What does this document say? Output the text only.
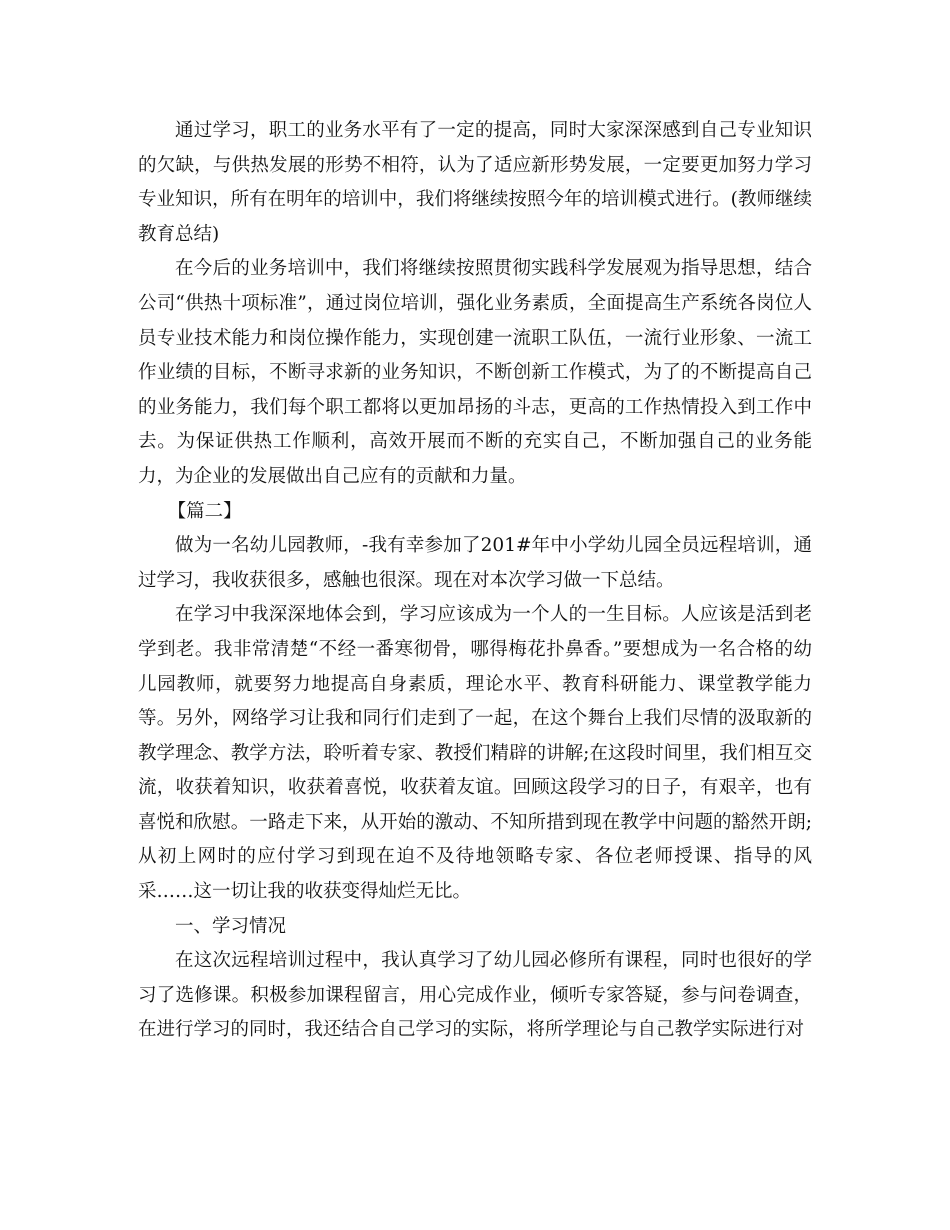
通过学习，职工的业务水平有了一定的提高，同时大家深深感到自己专业知识的欠缺，与供热发展的形势不相符，认为了适应新形势发展，一定要更加努力学习专业知识，所有在明年的培训中，我们将继续按照今年的培训模式进行。(教师继续教育总结)

在今后的业务培训中，我们将继续按照贯彻实践科学发展观为指导思想，结合公司“供热十项标准”，通过岗位培训，强化业务素质，全面提高生产系统各岗位人员专业技术能力和岗位操作能力，实现创建一流职工队伍，一流行业形象、一流工作业绩的目标，不断寻求新的业务知识，不断创新工作模式，为了的不断提高自己的业务能力，我们每个职工都将以更加昂扬的斗志，更高的工作热情投入到工作中去。为保证供热工作顺利，高效开展而不断的充实自己，不断加强自己的业务能力，为企业的发展做出自己应有的贡献和力量。

【篇二】

做为一名幼儿园教师，-我有幸参加了201#年中小学幼儿园全员远程培训，通过学习，我收获很多，感触也很深。现在对本次学习做一下总结。

在学习中我深深地体会到，学习应该成为一个人的一生目标。人应该是活到老学到老。我非常清楚“不经一番寒彻骨，哪得梅花扑鼻香。”要想成为一名合格的幼儿园教师，就要努力地提高自身素质，理论水平、教育科研能力、课堂教学能力等。另外，网络学习让我和同行们走到了一起，在这个舞台上我们尽情的汲取新的教学理念、教学方法，聆听着专家、教授们精辟的讲解;在这段时间里，我们相互交流，收获着知识，收获着喜悦，收获着友谊。回顾这段学习的日子，有艰辛，也有喜悦和欣慰。一路走下来，从开始的激动、不知所措到现在教学中问题的豁然开朗;从初上网时的应付学习到现在迫不及待地领略专家、各位老师授课、指导的风采……这一切让我的收获变得灿烂无比。

一、学习情况

在这次远程培训过程中，我认真学习了幼儿园必修所有课程，同时也很好的学习了选修课。积极参加课程留言，用心完成作业，倾听专家答疑，参与问卷调查，在进行学习的同时，我还结合自己学习的实际，将所学理论与自己教学实际进行对
